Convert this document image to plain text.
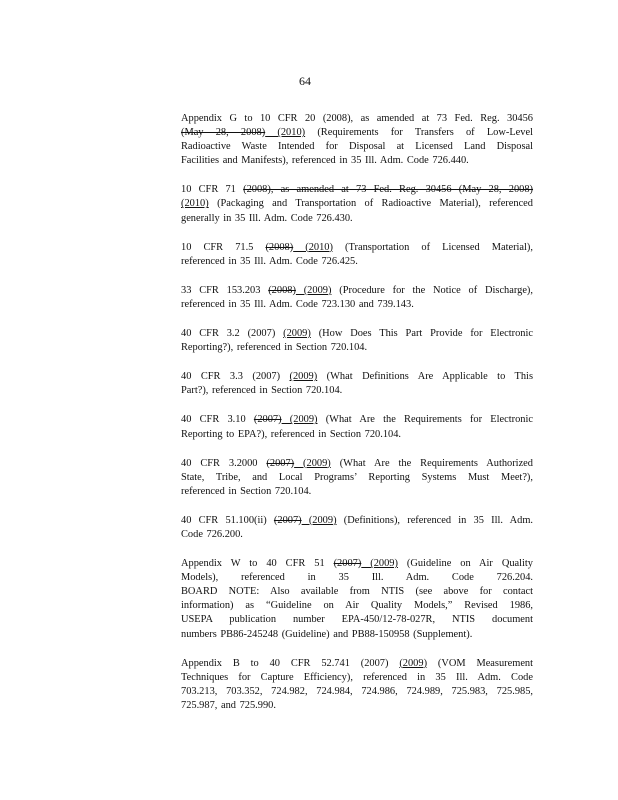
64
Appendix G to 10 CFR 20 (2008), as amended at 73 Fed. Reg. 30456
(May 28, 2008) (2010) (Requirements for Transfers of Low-Level
Radioactive Waste Intended for Disposal at Licensed Land Disposal
Facilities and Manifests), referenced in 35 Ill. Adm. Code 726.440.
10 CFR 71 (2008), as amended at 73 Fed. Reg. 30456 (May 28, 2008)
(2010) (Packaging and Transportation of Radioactive Material), referenced
generally in 35 Ill. Adm. Code 726.430.
10 CFR 71.5 (2008) (2010) (Transportation of Licensed Material),
referenced in 35 Ill. Adm. Code 726.425.
33 CFR 153.203 (2008) (2009) (Procedure for the Notice of Discharge),
referenced in 35 Ill. Adm. Code 723.130 and 739.143.
40 CFR 3.2 (2007) (2009) (How Does This Part Provide for Electronic
Reporting?), referenced in Section 720.104.
40 CFR 3.3 (2007) (2009) (What Definitions Are Applicable to This
Part?), referenced in Section 720.104.
40 CFR 3.10 (2007) (2009) (What Are the Requirements for Electronic
Reporting to EPA?), referenced in Section 720.104.
40 CFR 3.2000 (2007) (2009) (What Are the Requirements Authorized
State, Tribe, and Local Programs’ Reporting Systems Must Meet?),
referenced in Section 720.104.
40 CFR 51.100(ii) (2007) (2009) (Definitions), referenced in 35 Ill. Adm.
Code 726.200.
Appendix W to 40 CFR 51 (2007) (2009) (Guideline on Air Quality
Models), referenced in 35 Ill. Adm. Code 726.204.
BOARD NOTE: Also available from NTIS (see above for contact
information) as “Guideline on Air Quality Models,” Revised 1986,
USEPA publication number EPA-450/12-78-027R, NTIS document
numbers PB86-245248 (Guideline) and PB88-150958 (Supplement).
Appendix B to 40 CFR 52.741 (2007) (2009) (VOM Measurement
Techniques for Capture Efficiency), referenced in 35 Ill. Adm. Code
703.213, 703.352, 724.982, 724.984, 724.986, 724.989, 725.983, 725.985,
725.987, and 725.990.
